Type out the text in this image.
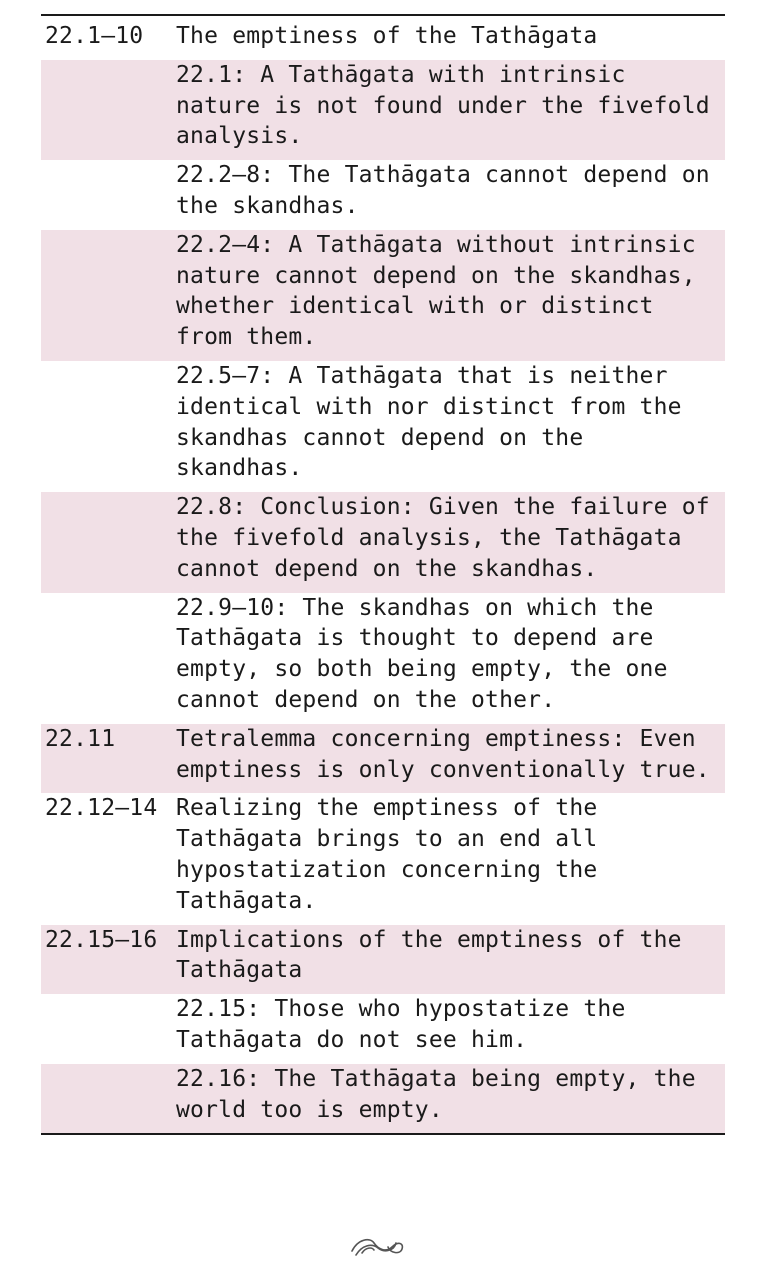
22.1–10	The emptiness of the Tathāgata
22.1: A Tathāgata with intrinsic nature is not found under the fivefold analysis.
22.2–8: The Tathāgata cannot depend on the skandhas.
22.2–4: A Tathāgata without intrinsic nature cannot depend on the skandhas, whether identical with or distinct from them.
22.5–7: A Tathāgata that is neither identical with nor distinct from the skandhas cannot depend on the skandhas.
22.8: Conclusion: Given the failure of the fivefold analysis, the Tathāgata cannot depend on the skandhas.
22.9–10: The skandhas on which the Tathāgata is thought to depend are empty, so both being empty, the one cannot depend on the other.
22.11	Tetralemma concerning emptiness: Even emptiness is only conventionally true.
22.12–14 Realizing the emptiness of the Tathāgata brings to an end all hypostatization concerning the Tathāgata.
22.15–16 Implications of the emptiness of the Tathāgata
22.15: Those who hypostatize the Tathāgata do not see him.
22.16: The Tathāgata being empty, the world too is empty.
